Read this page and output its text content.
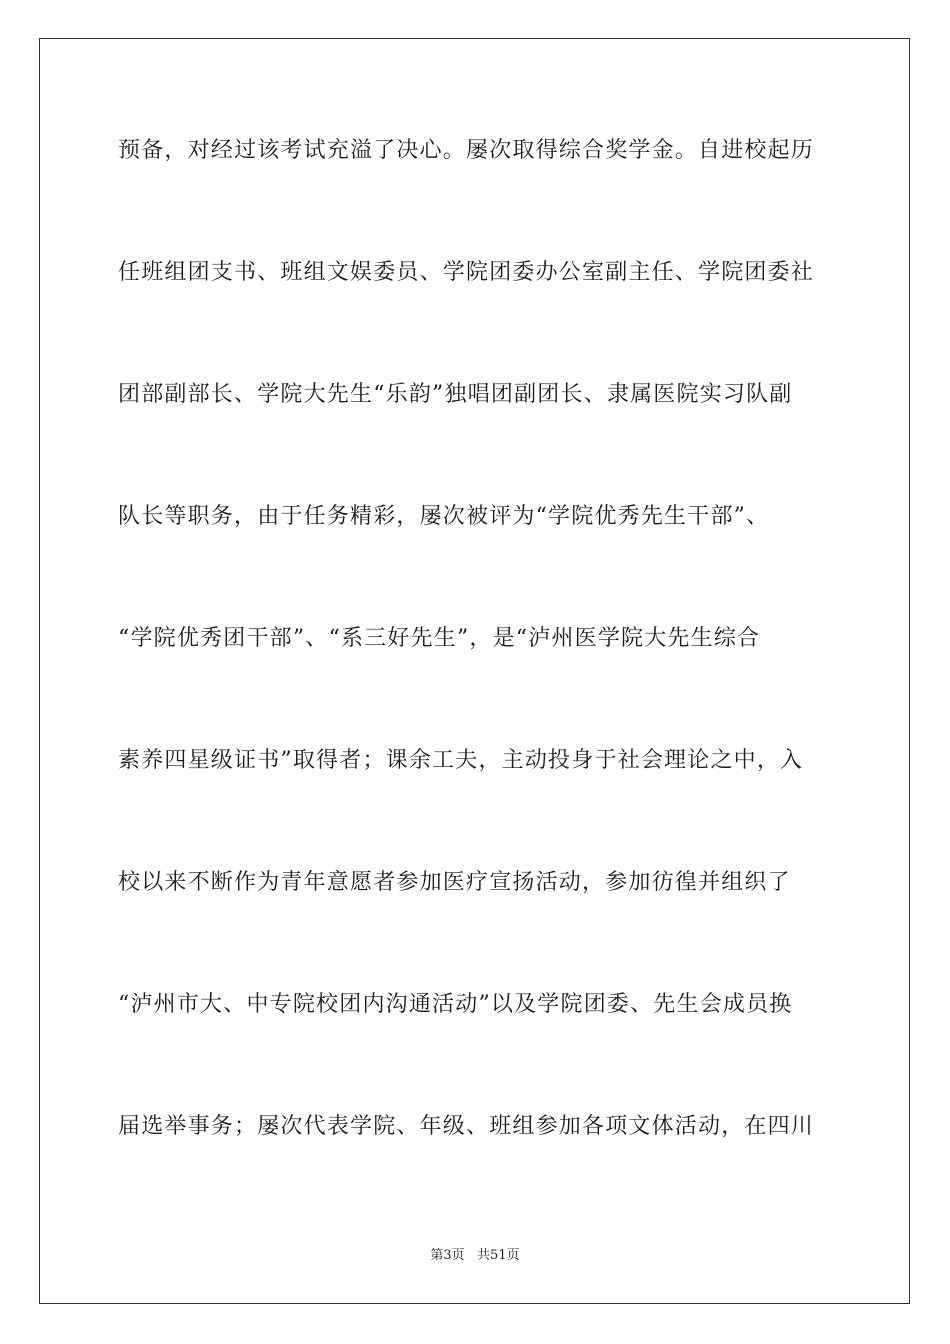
预备，对经过该考试充溢了决心。屡次取得综合奖学金。自进校起历
任班组团支书、班组文娱委员、学院团委办公室副主任、学院团委社
团部副部长、学院大先生“乐韵”独唱团副团长、隶属医院实习队副
队长等职务，由于任务精彩，屡次被评为“学院优秀先生干部”、
“学院优秀团干部”、“系三好先生”，是“泸州医学院大先生综合
素养四星级证书”取得者；课余工夫，主动投身于社会理论之中，入
校以来不断作为青年意愿者参加医疗宣扬活动，参加彷徨并组织了
“泸州市大、中专院校团内沟通活动”以及学院团委、先生会成员换
届选举事务；屡次代表学院、年级、班组参加各项文体活动，在四川
第3页   共51页
